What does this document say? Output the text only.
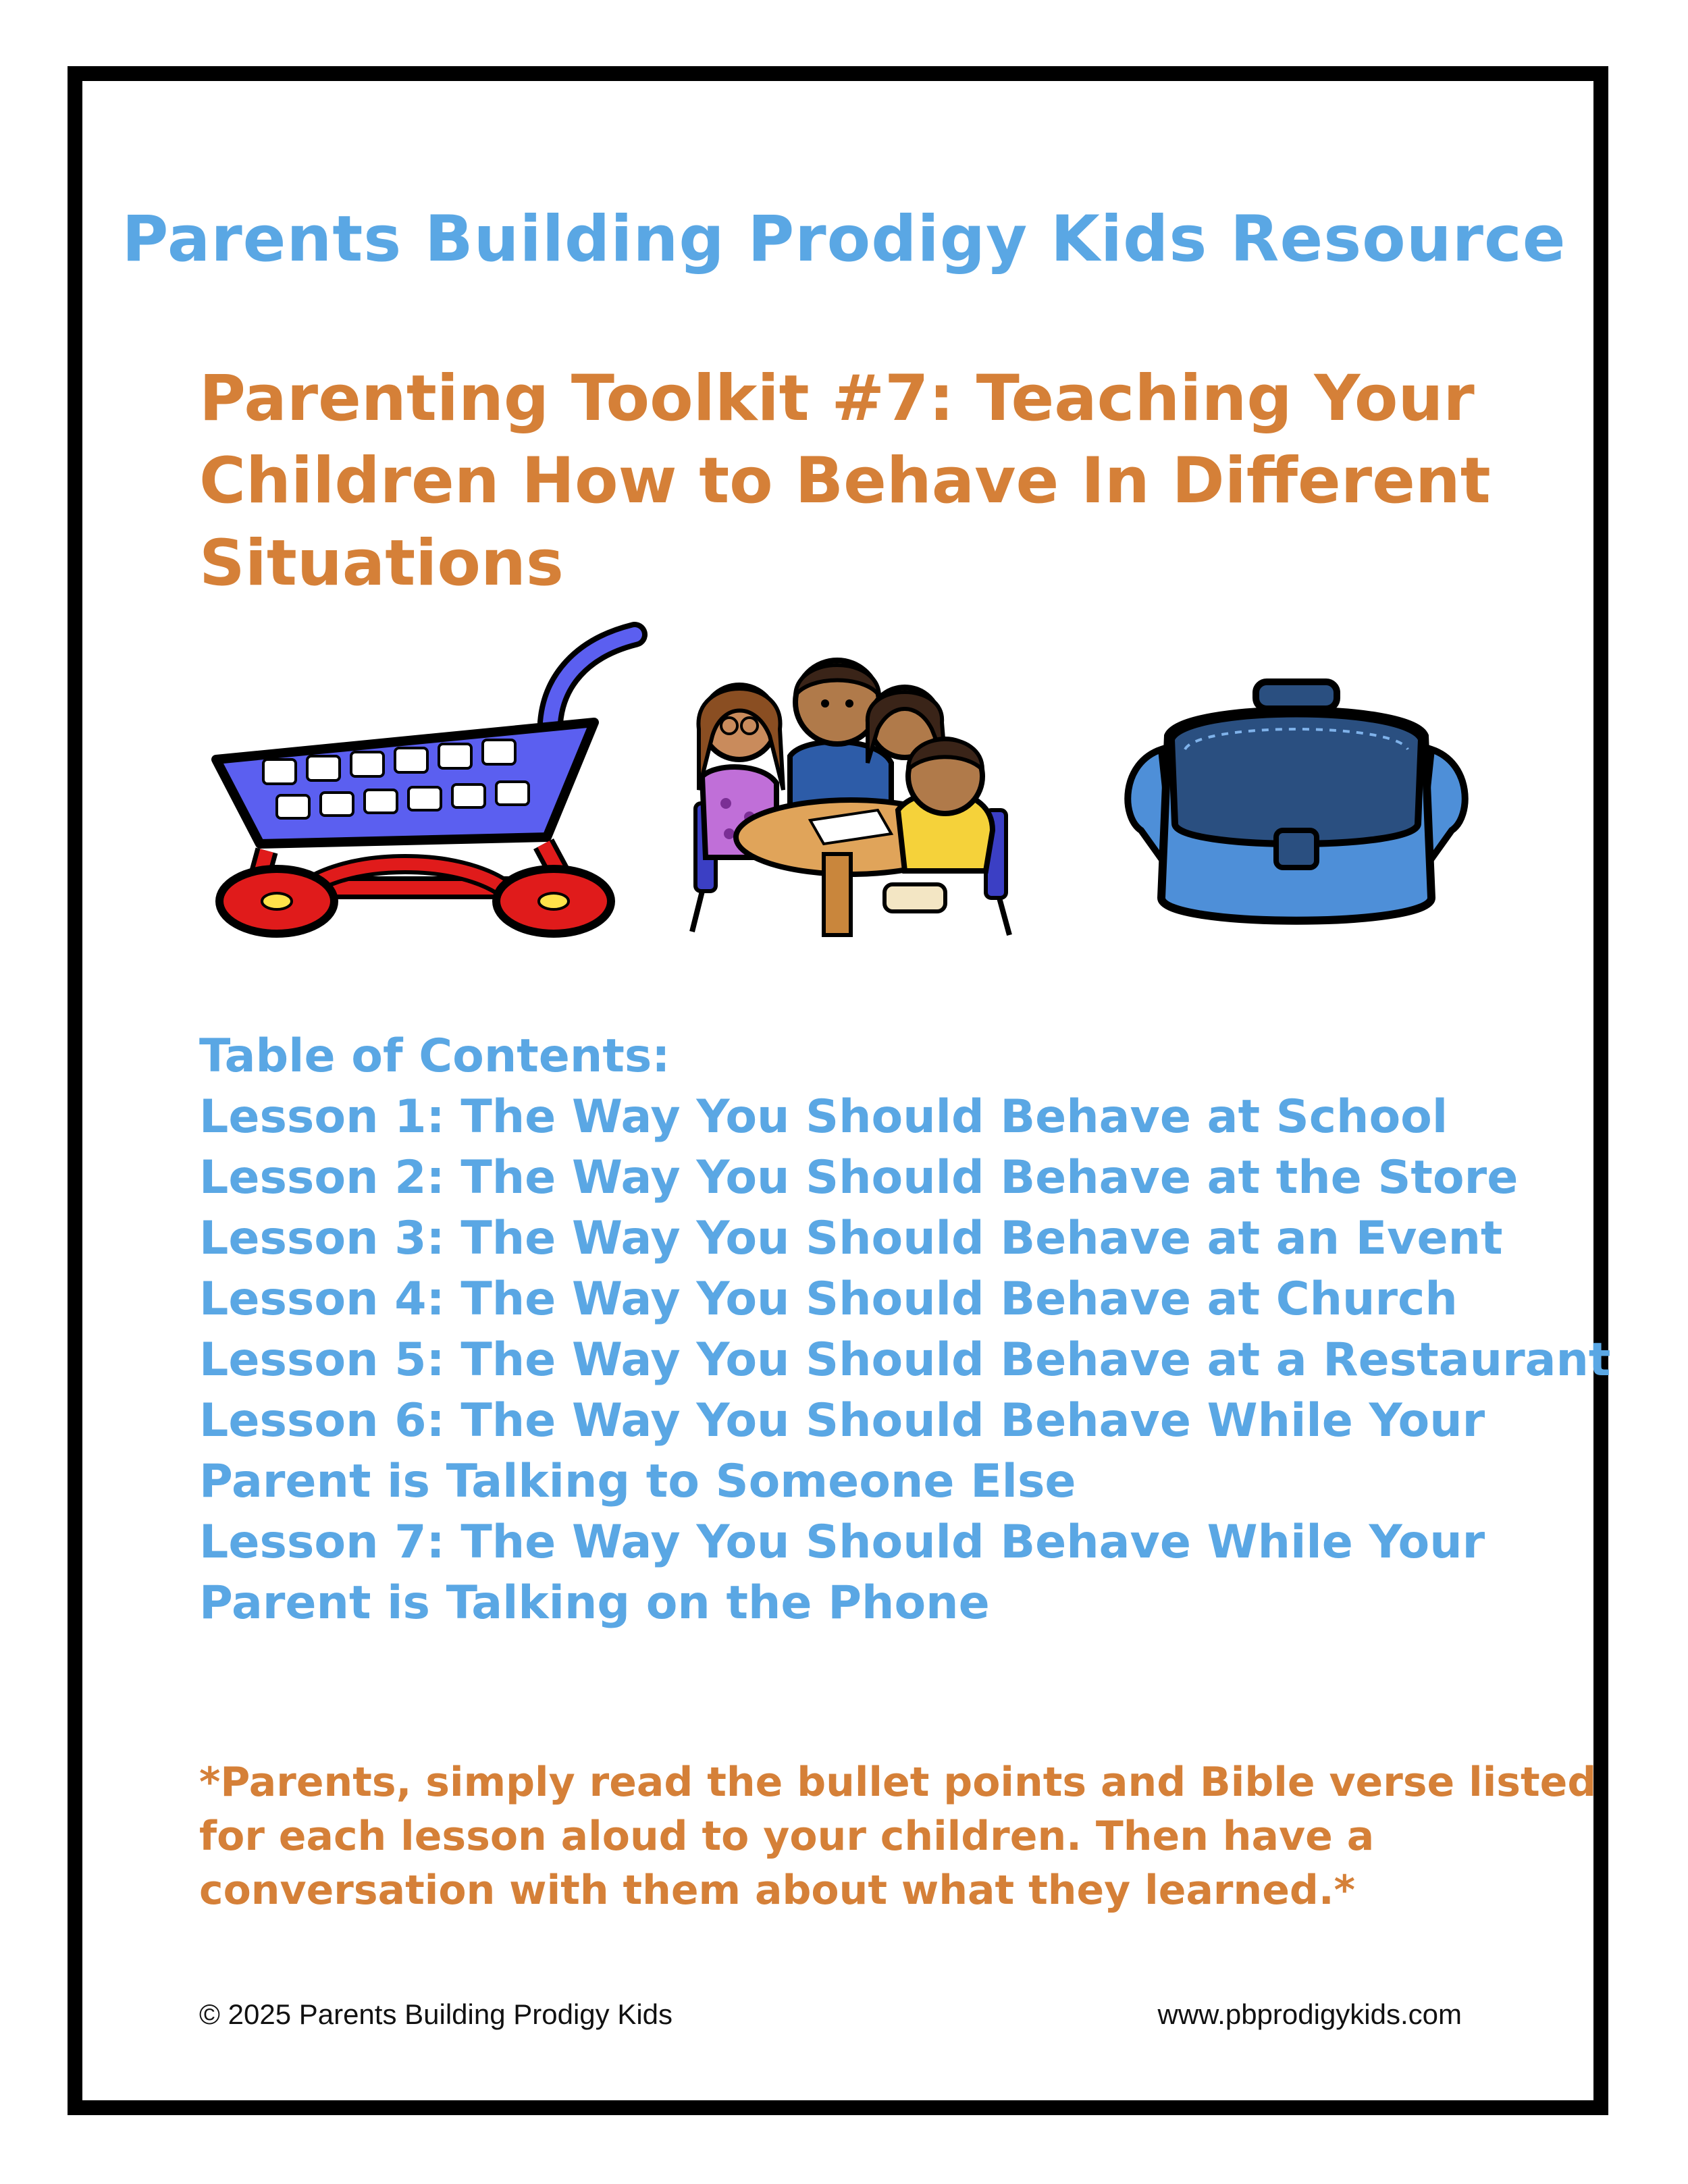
Parents Building Prodigy Kids Resource
Parenting Toolkit #7: Teaching Your
Children How to Behave In Different
Situations
Table of Contents:
Lesson 1: The Way You Should Behave at School
Lesson 2: The Way You Should Behave at the Store
Lesson 3: The Way You Should Behave at an Event
Lesson 4: The Way You Should Behave at Church
Lesson 5: The Way You Should Behave at a Restaurant
Lesson 6: The Way You Should Behave While Your
Parent is Talking to Someone Else
Lesson 7: The Way You Should Behave While Your
Parent is Talking on the Phone
*Parents, simply read the bullet points and Bible verse listed
for each lesson aloud to your children. Then have a
conversation with them about what they learned.*
© 2025 Parents Building Prodigy Kids	www.pbprodigykids.com
